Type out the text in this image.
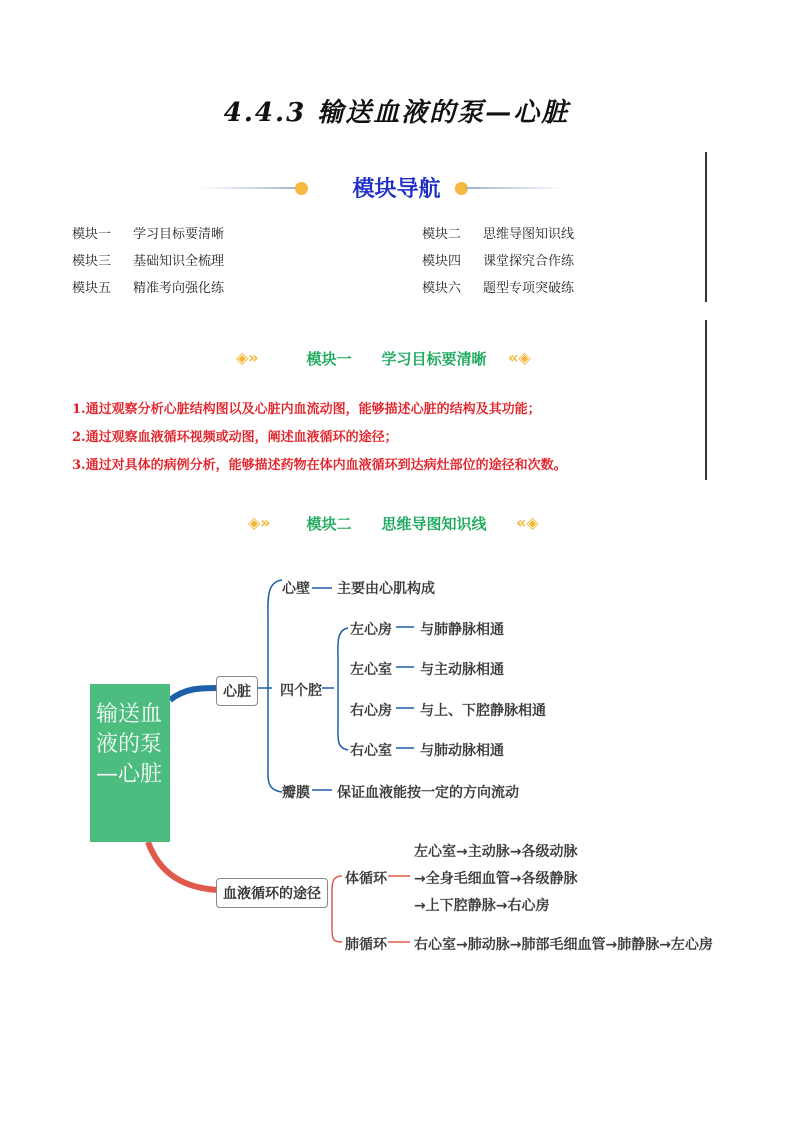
4.4.3 输送血液的泵—心脏
模块导航
模块一 学习目标要清晰	模块二 思维导图知识线
模块三 基础知识全梳理	模块四 课堂探究合作练
模块五 精准考向强化练	模块六 题型专项突破练
◈»	模块一 学习目标要清晰	«◈
1.通过观察分析心脏结构图以及心脏内血流动图，能够描述心脏的结构及其功能；
2.通过观察血液循环视频或动图，阐述血液循环的途径；
3.通过对具体的病例分析，能够描述药物在体内血液循环到达病灶部位的途径和次数。
◈»	模块二 思维导图知识线	«◈
输送血
液的泵
—心脏
心脏
心壁 主要由心肌构成
四个腔
左心房 与肺静脉相通
左心室 与主动脉相通
右心房 与上、下腔静脉相通
右心室 与肺动脉相通
瓣膜 保证血液能按一定的方向流动
血液循环的途径
体循环
左心室→主动脉→各级动脉
→全身毛细血管→各级静脉
→上下腔静脉→右心房
肺循环 右心室→肺动脉→肺部毛细血管→肺静脉→左心房
